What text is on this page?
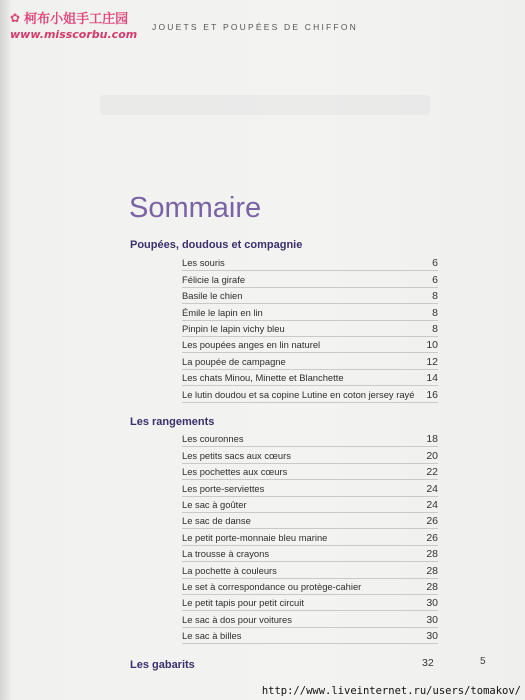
✿ 柯布小姐手工庄园
www.misscorbu.com
JOUETS ET POUPÉES DE CHIFFON
Sommaire
Poupées, doudous et compagnie
Les souris	6
Félicie la girafe	6
Basile le chien	8
Émile le lapin en lin	8
Pinpin le lapin vichy bleu	8
Les poupées anges en lin naturel	10
La poupée de campagne	12
Les chats Minou, Minette et Blanchette	14
Le lutin doudou et sa copine Lutine en coton jersey rayé 16
Les rangements
Les couronnes	18
Les petits sacs aux cœurs	20
Les pochettes aux cœurs	22
Les porte-serviettes	24
Le sac à goûter	24
Le sac de danse	26
Le petit porte-monnaie bleu marine	26
La trousse à crayons	28
La pochette à couleurs	28
Le set à correspondance ou protège-cahier	28
Le petit tapis pour petit circuit	30
Le sac à dos pour voitures	30
Le sac à billes	30
Les gabarits	32	5
http://www.liveinternet.ru/users/tomakov/
